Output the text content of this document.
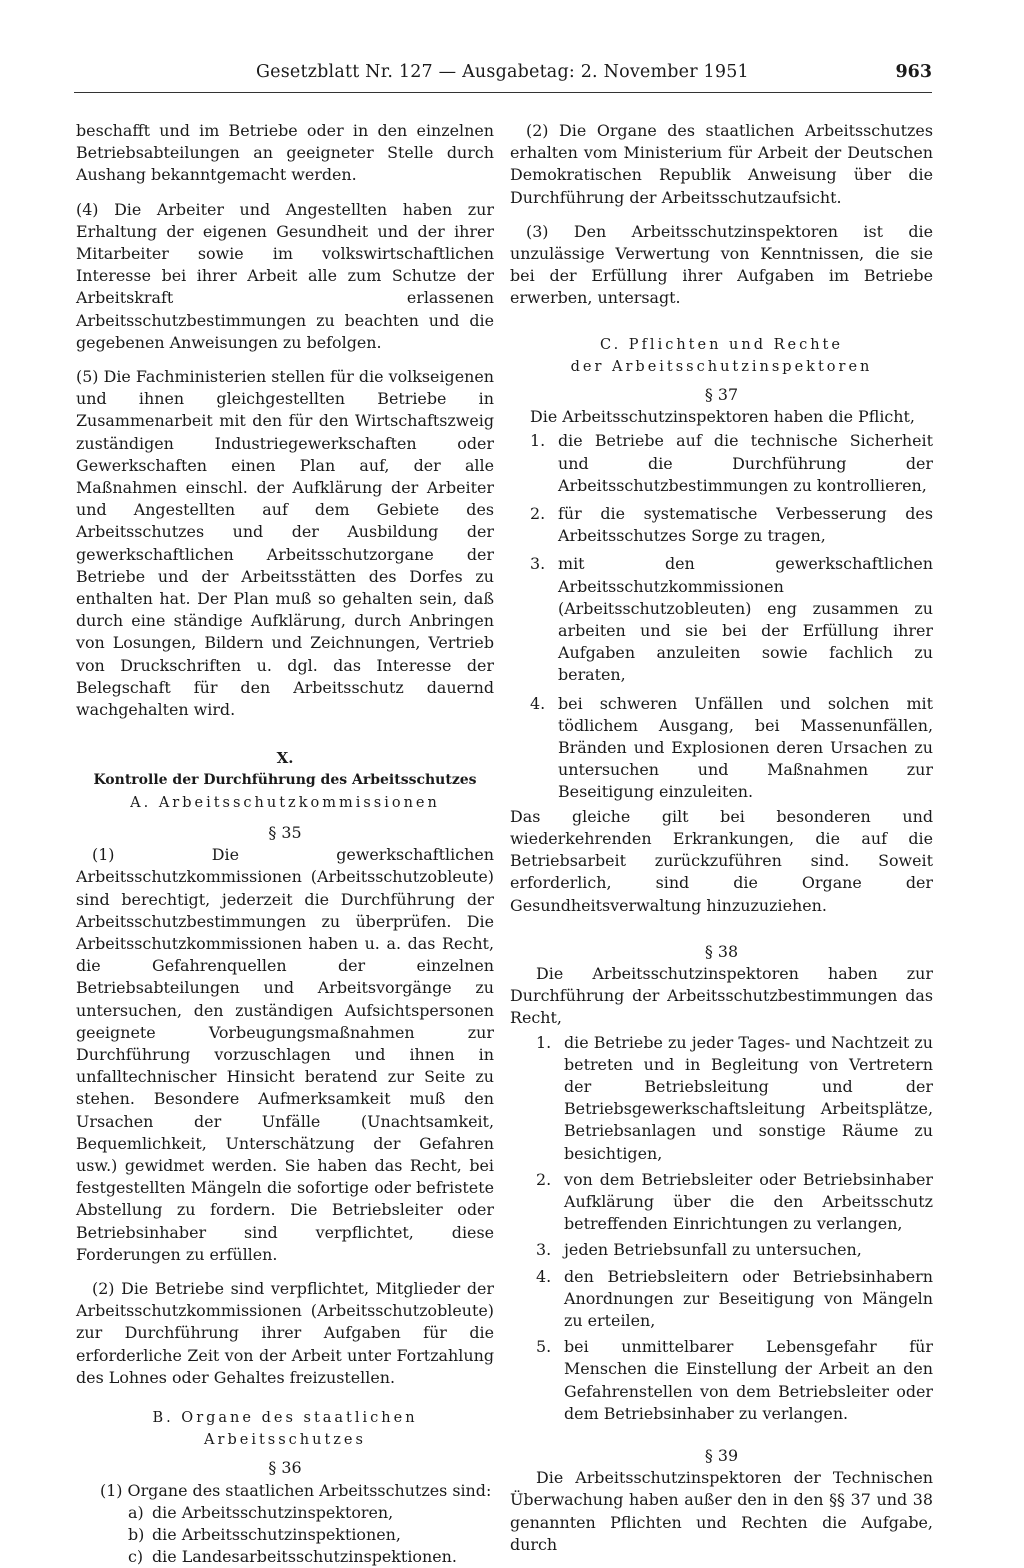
Gesetzblatt Nr. 127 — Ausgabetag: 2. November 1951	963

beschafft und im Betriebe oder in den einzelnen Betriebsabteilungen an geeigneter Stelle durch Aushang bekanntgemacht werden.

(4) Die Arbeiter und Angestellten haben zur Erhaltung der eigenen Gesundheit und der ihrer Mitarbeiter sowie im volkswirtschaftlichen Interesse bei ihrer Arbeit alle zum Schutze der Arbeitskraft erlassenen Arbeitsschutzbestimmungen zu beachten und die gegebenen Anweisungen zu befolgen.

(5) Die Fachministerien stellen für die volkseigenen und ihnen gleichgestellten Betriebe in Zusammenarbeit mit den für den Wirtschaftszweig zuständigen Industriegewerkschaften oder Gewerkschaften einen Plan auf, der alle Maßnahmen einschl. der Aufklärung der Arbeiter und Angestellten auf dem Gebiete des Arbeitsschutzes und der Ausbildung der gewerkschaftlichen Arbeitsschutzorgane der Betriebe und der Arbeitsstätten des Dorfes zu enthalten hat. Der Plan muß so gehalten sein, daß durch eine ständige Aufklärung, durch Anbringen von Losungen, Bildern und Zeichnungen, Vertrieb von Druckschriften u. dgl. das Interesse der Belegschaft für den Arbeitsschutz dauernd wachgehalten wird.

X.
Kontrolle der Durchführung des Arbeitsschutzes
A. Arbeitsschutzkommissionen
§ 35

(1) Die gewerkschaftlichen Arbeitsschutzkommissionen (Arbeitsschutzobleute) sind berechtigt, jederzeit die Durchführung der Arbeitsschutzbestimmungen zu überprüfen. Die Arbeitsschutzkommissionen haben u. a. das Recht, die Gefahrenquellen der einzelnen Betriebsabteilungen und Arbeitsvorgänge zu untersuchen, den zuständigen Aufsichtspersonen geeignete Vorbeugungsmaßnahmen zur Durchführung vorzuschlagen und ihnen in unfalltechnischer Hinsicht beratend zur Seite zu stehen. Besondere Aufmerksamkeit muß den Ursachen der Unfälle (Unachtsamkeit, Bequemlichkeit, Unterschätzung der Gefahren usw.) gewidmet werden. Sie haben das Recht, bei festgestellten Mängeln die sofortige oder befristete Abstellung zu fordern. Die Betriebsleiter oder Betriebsinhaber sind verpflichtet, diese Forderungen zu erfüllen.

(2) Die Betriebe sind verpflichtet, Mitglieder der Arbeitsschutzkommissionen (Arbeitsschutzobleute) zur Durchführung ihrer Aufgaben für die erforderliche Zeit von der Arbeit unter Fortzahlung des Lohnes oder Gehaltes freizustellen.

B. Organe des staatlichen
Arbeitsschutzes
§ 36

(1) Organe des staatlichen Arbeitsschutzes sind:

a) die Arbeitsschutzinspektoren,
b) die Arbeitsschutzinspektionen,
c) die Landesarbeitsschutzinspektionen.

(2) Die Organe des staatlichen Arbeitsschutzes erhalten vom Ministerium für Arbeit der Deutschen Demokratischen Republik Anweisung über die Durchführung der Arbeitsschutzaufsicht.

(3) Den Arbeitsschutzinspektoren ist die unzulässige Verwertung von Kenntnissen, die sie bei der Erfüllung ihrer Aufgaben im Betriebe erwerben, untersagt.

C. Pflichten und Rechte
der Arbeitsschutzinspektoren
§ 37

Die Arbeitsschutzinspektoren haben die Pflicht,

1. die Betriebe auf die technische Sicherheit und die Durchführung der Arbeitsschutzbestimmungen zu kontrollieren,
2. für die systematische Verbesserung des Arbeitsschutzes Sorge zu tragen,
3. mit den gewerkschaftlichen Arbeitsschutzkommissionen (Arbeitsschutzobleuten) eng zusammen zu arbeiten und sie bei der Erfüllung ihrer Aufgaben anzuleiten sowie fachlich zu beraten,
4. bei schweren Unfällen und solchen mit tödlichem Ausgang, bei Massenunfällen, Bränden und Explosionen deren Ursachen zu untersuchen und Maßnahmen zur Beseitigung einzuleiten.

Das gleiche gilt bei besonderen und wiederkehrenden Erkrankungen, die auf die Betriebsarbeit zurückzuführen sind. Soweit erforderlich, sind die Organe der Gesundheitsverwaltung hinzuzuziehen.

§ 38

Die Arbeitsschutzinspektoren haben zur Durchführung der Arbeitsschutzbestimmungen das Recht,

1. die Betriebe zu jeder Tages- und Nachtzeit zu betreten und in Begleitung von Vertretern der Betriebsleitung und der Betriebsgewerkschaftsleitung Arbeitsplätze, Betriebsanlagen und sonstige Räume zu besichtigen,
2. von dem Betriebsleiter oder Betriebsinhaber Aufklärung über die den Arbeitsschutz betreffenden Einrichtungen zu verlangen,
3. jeden Betriebsunfall zu untersuchen,
4. den Betriebsleitern oder Betriebsinhabern Anordnungen zur Beseitigung von Mängeln zu erteilen,
5. bei unmittelbarer Lebensgefahr für Menschen die Einstellung der Arbeit an den Gefahrenstellen von dem Betriebsleiter oder dem Betriebsinhaber zu verlangen.
§ 39

Die Arbeitsschutzinspektoren der Technischen Überwachung haben außer den in den §§ 37 und 38 genannten Pflichten und Rechten die Aufgabe, durch
